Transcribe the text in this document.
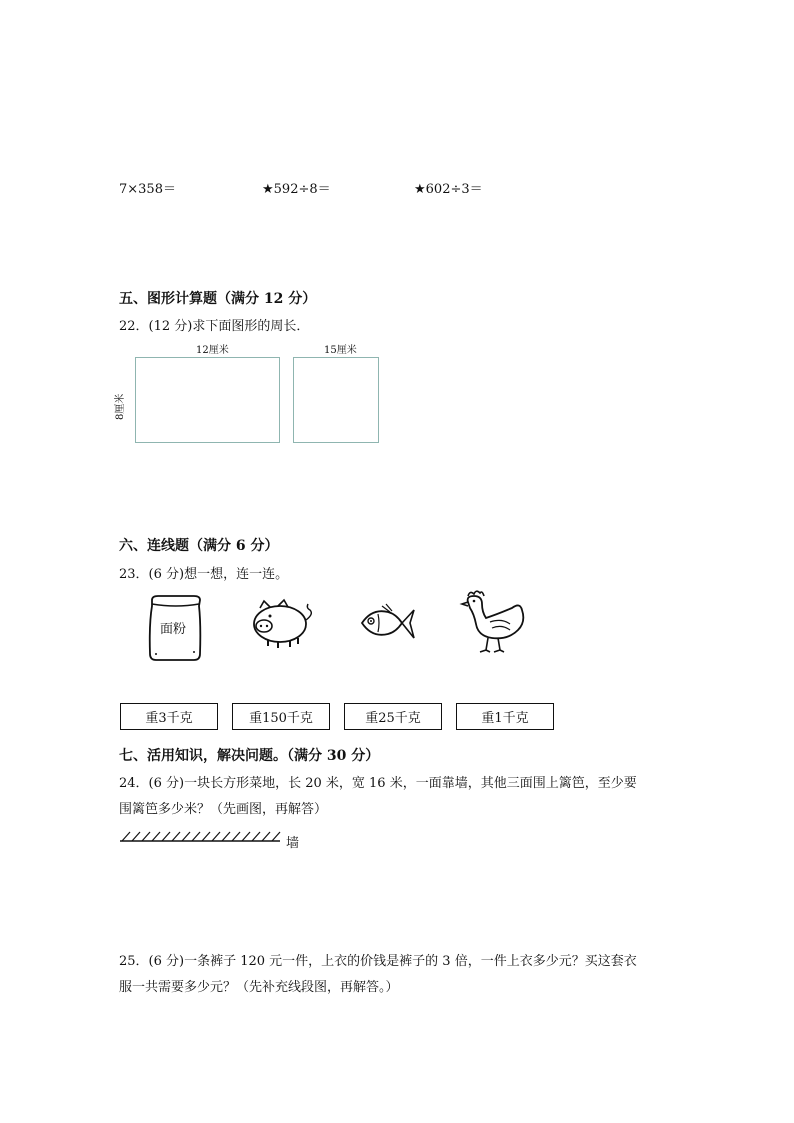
7×358＝	★592÷8＝	★602÷3＝
五、图形计算题（满分 12 分）
22．(12 分)求下面图形的周长．
12厘米
8厘米
15厘米
六、连线题（满分 6 分）
23．(6 分)想一想，连一连。
面粉
重3千克	重150千克	重25千克	重1千克
七、活用知识，解决问题。（满分 30 分）
24．(6 分)一块长方形菜地，长 20 米，宽 16 米，一面靠墙，其他三面围上篱笆，至少要
围篱笆多少米？（先画图，再解答）
墙
25．(6 分)一条裤子 120 元一件，上衣的价钱是裤子的 3 倍，一件上衣多少元？买这套衣
服一共需要多少元？（先补充线段图，再解答。）
